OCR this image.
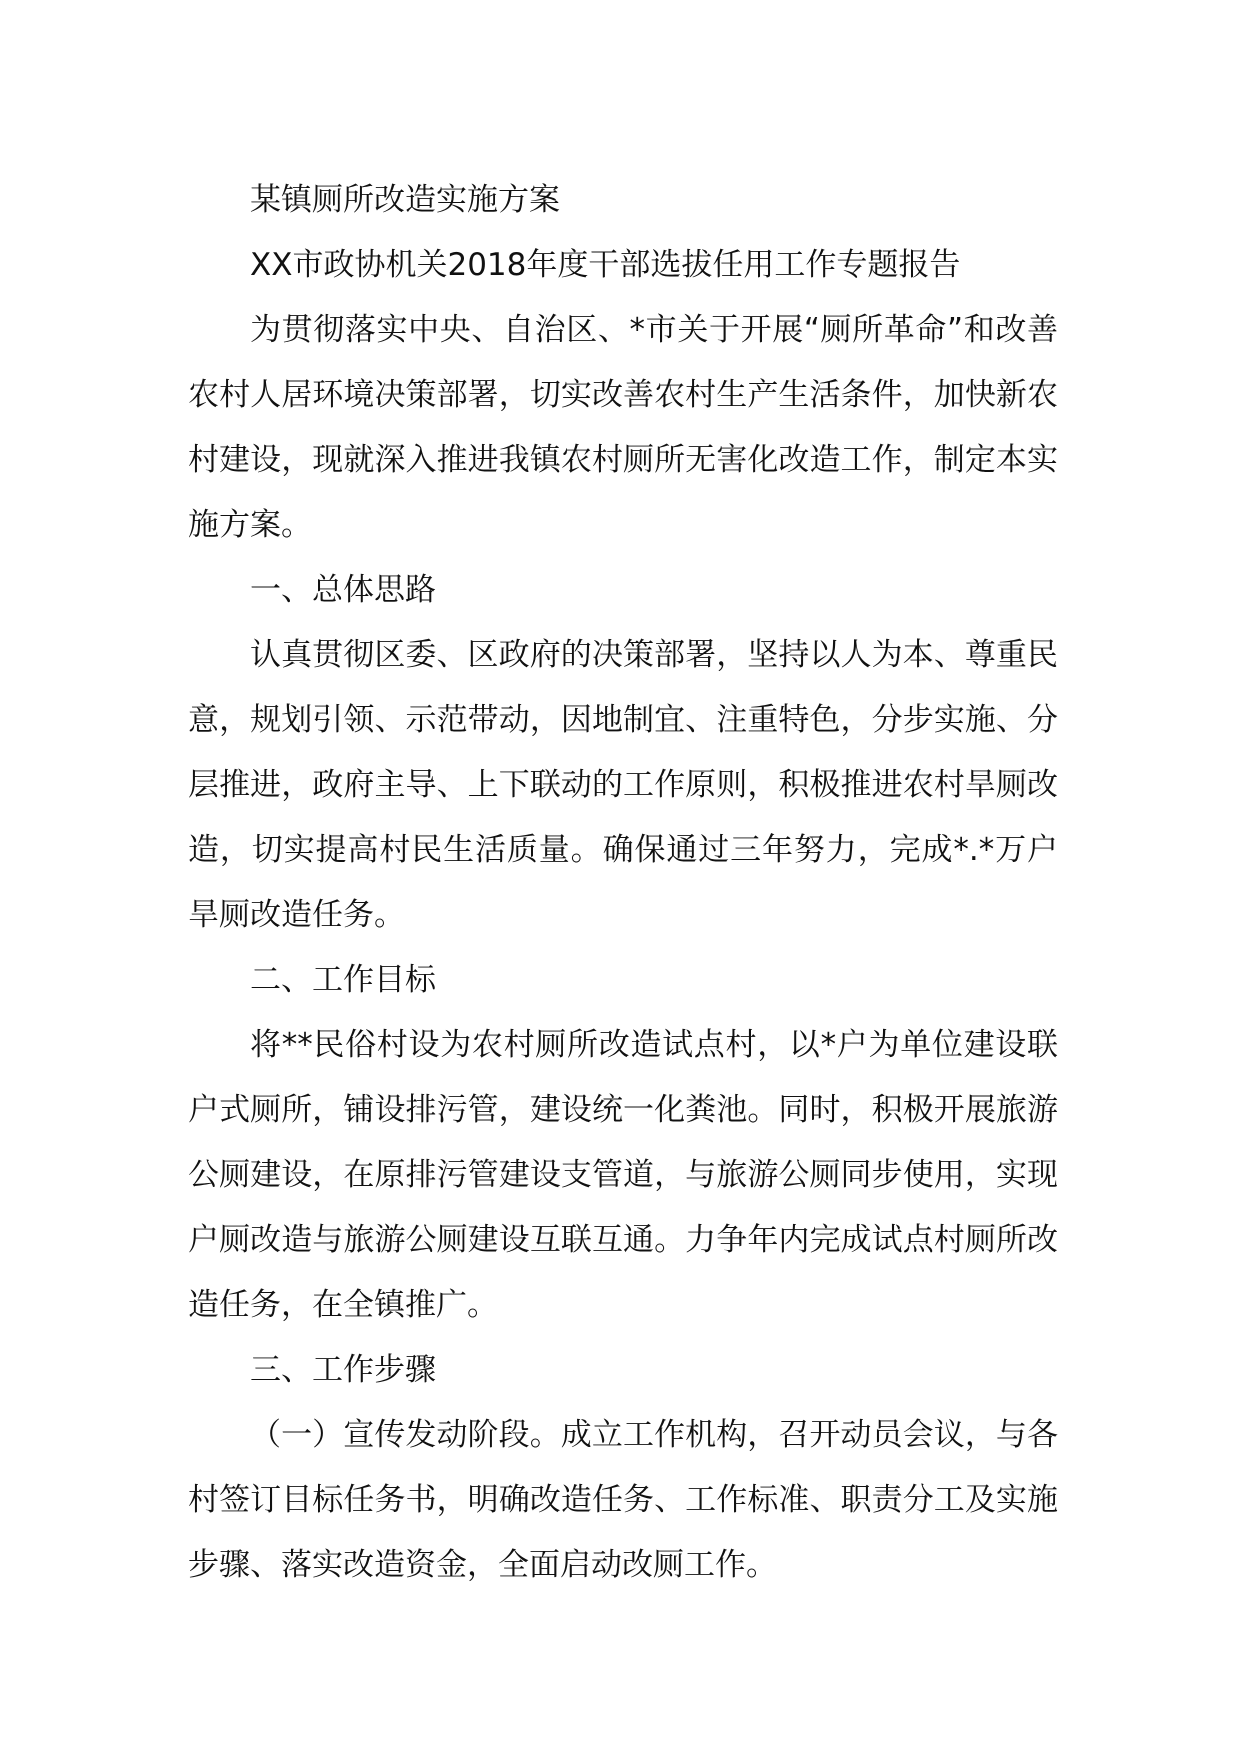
某镇厕所改造实施方案

XX市政协机关2018年度干部选拔任用工作专题报告

为贯彻落实中央、自治区、*市关于开展“厕所革命”和改善农村人居环境决策部署，切实改善农村生产生活条件，加快新农村建设，现就深入推进我镇农村厕所无害化改造工作，制定本实施方案。

一、总体思路

认真贯彻区委、区政府的决策部署，坚持以人为本、尊重民意，规划引领、示范带动，因地制宜、注重特色，分步实施、分层推进，政府主导、上下联动的工作原则，积极推进农村旱厕改造，切实提高村民生活质量。确保通过三年努力，完成*.*万户旱厕改造任务。

二、工作目标

将**民俗村设为农村厕所改造试点村，以*户为单位建设联户式厕所，铺设排污管，建设统一化粪池。同时，积极开展旅游公厕建设，在原排污管建设支管道，与旅游公厕同步使用，实现户厕改造与旅游公厕建设互联互通。力争年内完成试点村厕所改造任务，在全镇推广。

三、工作步骤

（一）宣传发动阶段。成立工作机构，召开动员会议，与各村签订目标任务书，明确改造任务、工作标准、职责分工及实施步骤、落实改造资金，全面启动改厕工作。
